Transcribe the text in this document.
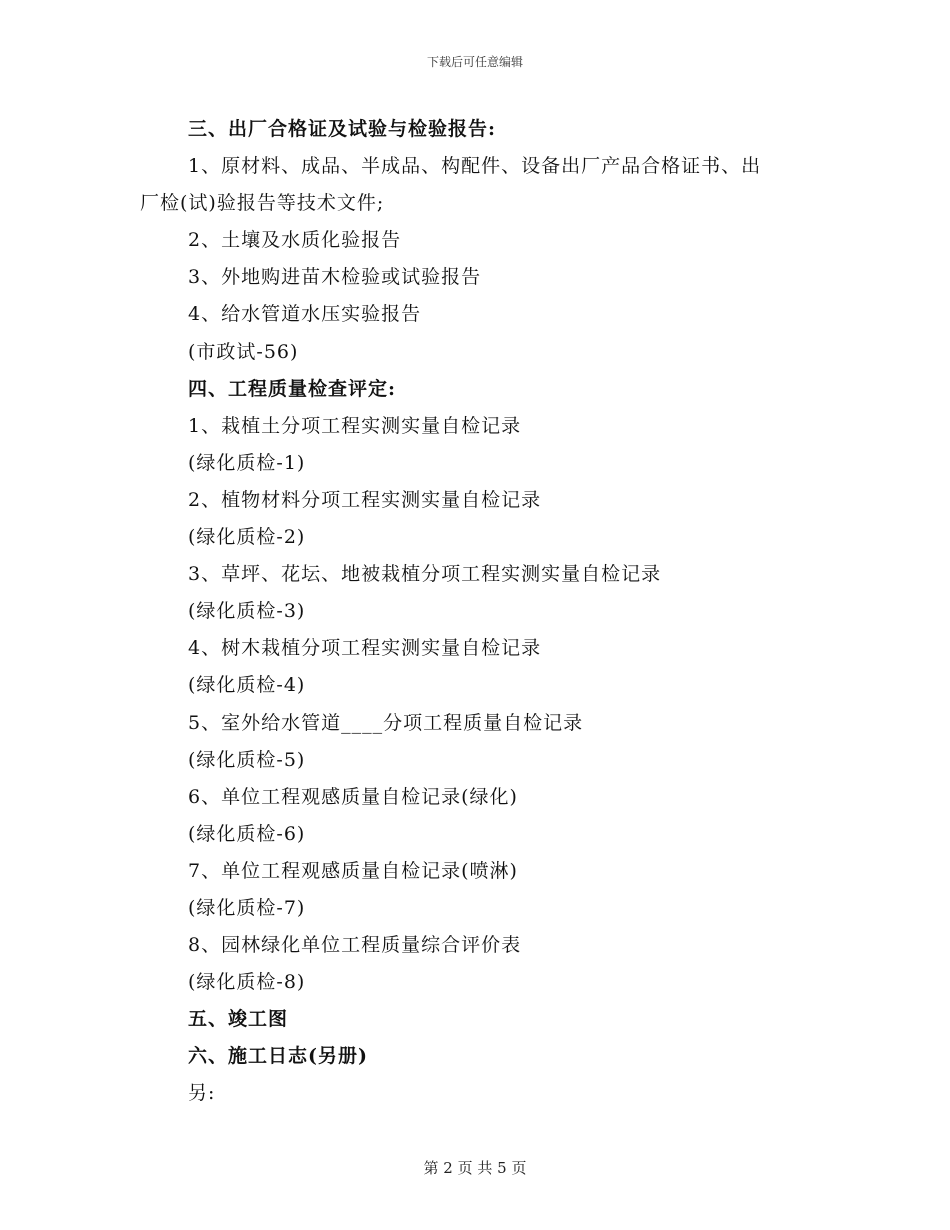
下载后可任意编辑
三、出厂合格证及试验与检验报告:
1、原材料、成品、半成品、构配件、设备出厂产品合格证书、出
厂检(试)验报告等技术文件;
2、土壤及水质化验报告
3、外地购进苗木检验或试验报告
4、给水管道水压实验报告
(市政试-56)
四、工程质量检查评定:
1、栽植土分项工程实测实量自检记录
(绿化质检-1)
2、植物材料分项工程实测实量自检记录
(绿化质检-2)
3、草坪、花坛、地被栽植分项工程实测实量自检记录
(绿化质检-3)
4、树木栽植分项工程实测实量自检记录
(绿化质检-4)
5、室外给水管道____分项工程质量自检记录
(绿化质检-5)
6、单位工程观感质量自检记录(绿化)
(绿化质检-6)
7、单位工程观感质量自检记录(喷淋)
(绿化质检-7)
8、园林绿化单位工程质量综合评价表
(绿化质检-8)
五、竣工图
六、施工日志(另册)
另:
第 2 页 共 5 页
